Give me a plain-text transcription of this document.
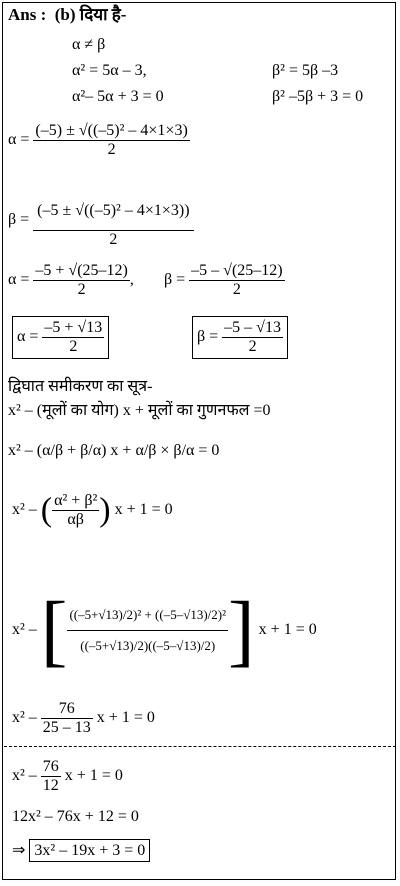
Ans : (b) दिया है-
α ≠ β
α² = 5α – 3,	β² = 5β –3
α²– 5α + 3 = 0	β² –5β + 3 = 0
$\alpha = \frac{\text{(–5) ± √((–5)² – 4×1×3)}}{2}$
$\beta = \frac{\text{(–5 ± √((–5)² – 4×1×3))}}{2}$
$\alpha = \frac{-5 + √(25-12)}{2}$ , $\beta = \frac{-5 - √(25-12)}{2}$
$\alpha = \frac{-5 + √13}{2}$	$\beta = \frac{-5 - √13}{2}$
द्विघात समीकरण का सूत्र-
x² – (मूलों का योग) x + मूलों का गुणनफल =0
x² – (α/β + β/α) x + α/β × β/α = 0
x² – ( $\frac{\text{α² + β²}}{\alpha\beta}$ ) x + 1 = 0
x² – [ $\frac{\text{((–5+√13)/2)² + ((–5–√13)/2)²}}{((-5+√13)/2)((-5-√13)/2)}$ ] x + 1 = 0
$x^2 - \frac{76}{25 - 13}$ x + 1 = 0
$x^2 - \frac{76}{12}$ x + 1 = 0
12x² – 76x + 12 = 0
⇒ 3x² – 19x + 3 = 0
